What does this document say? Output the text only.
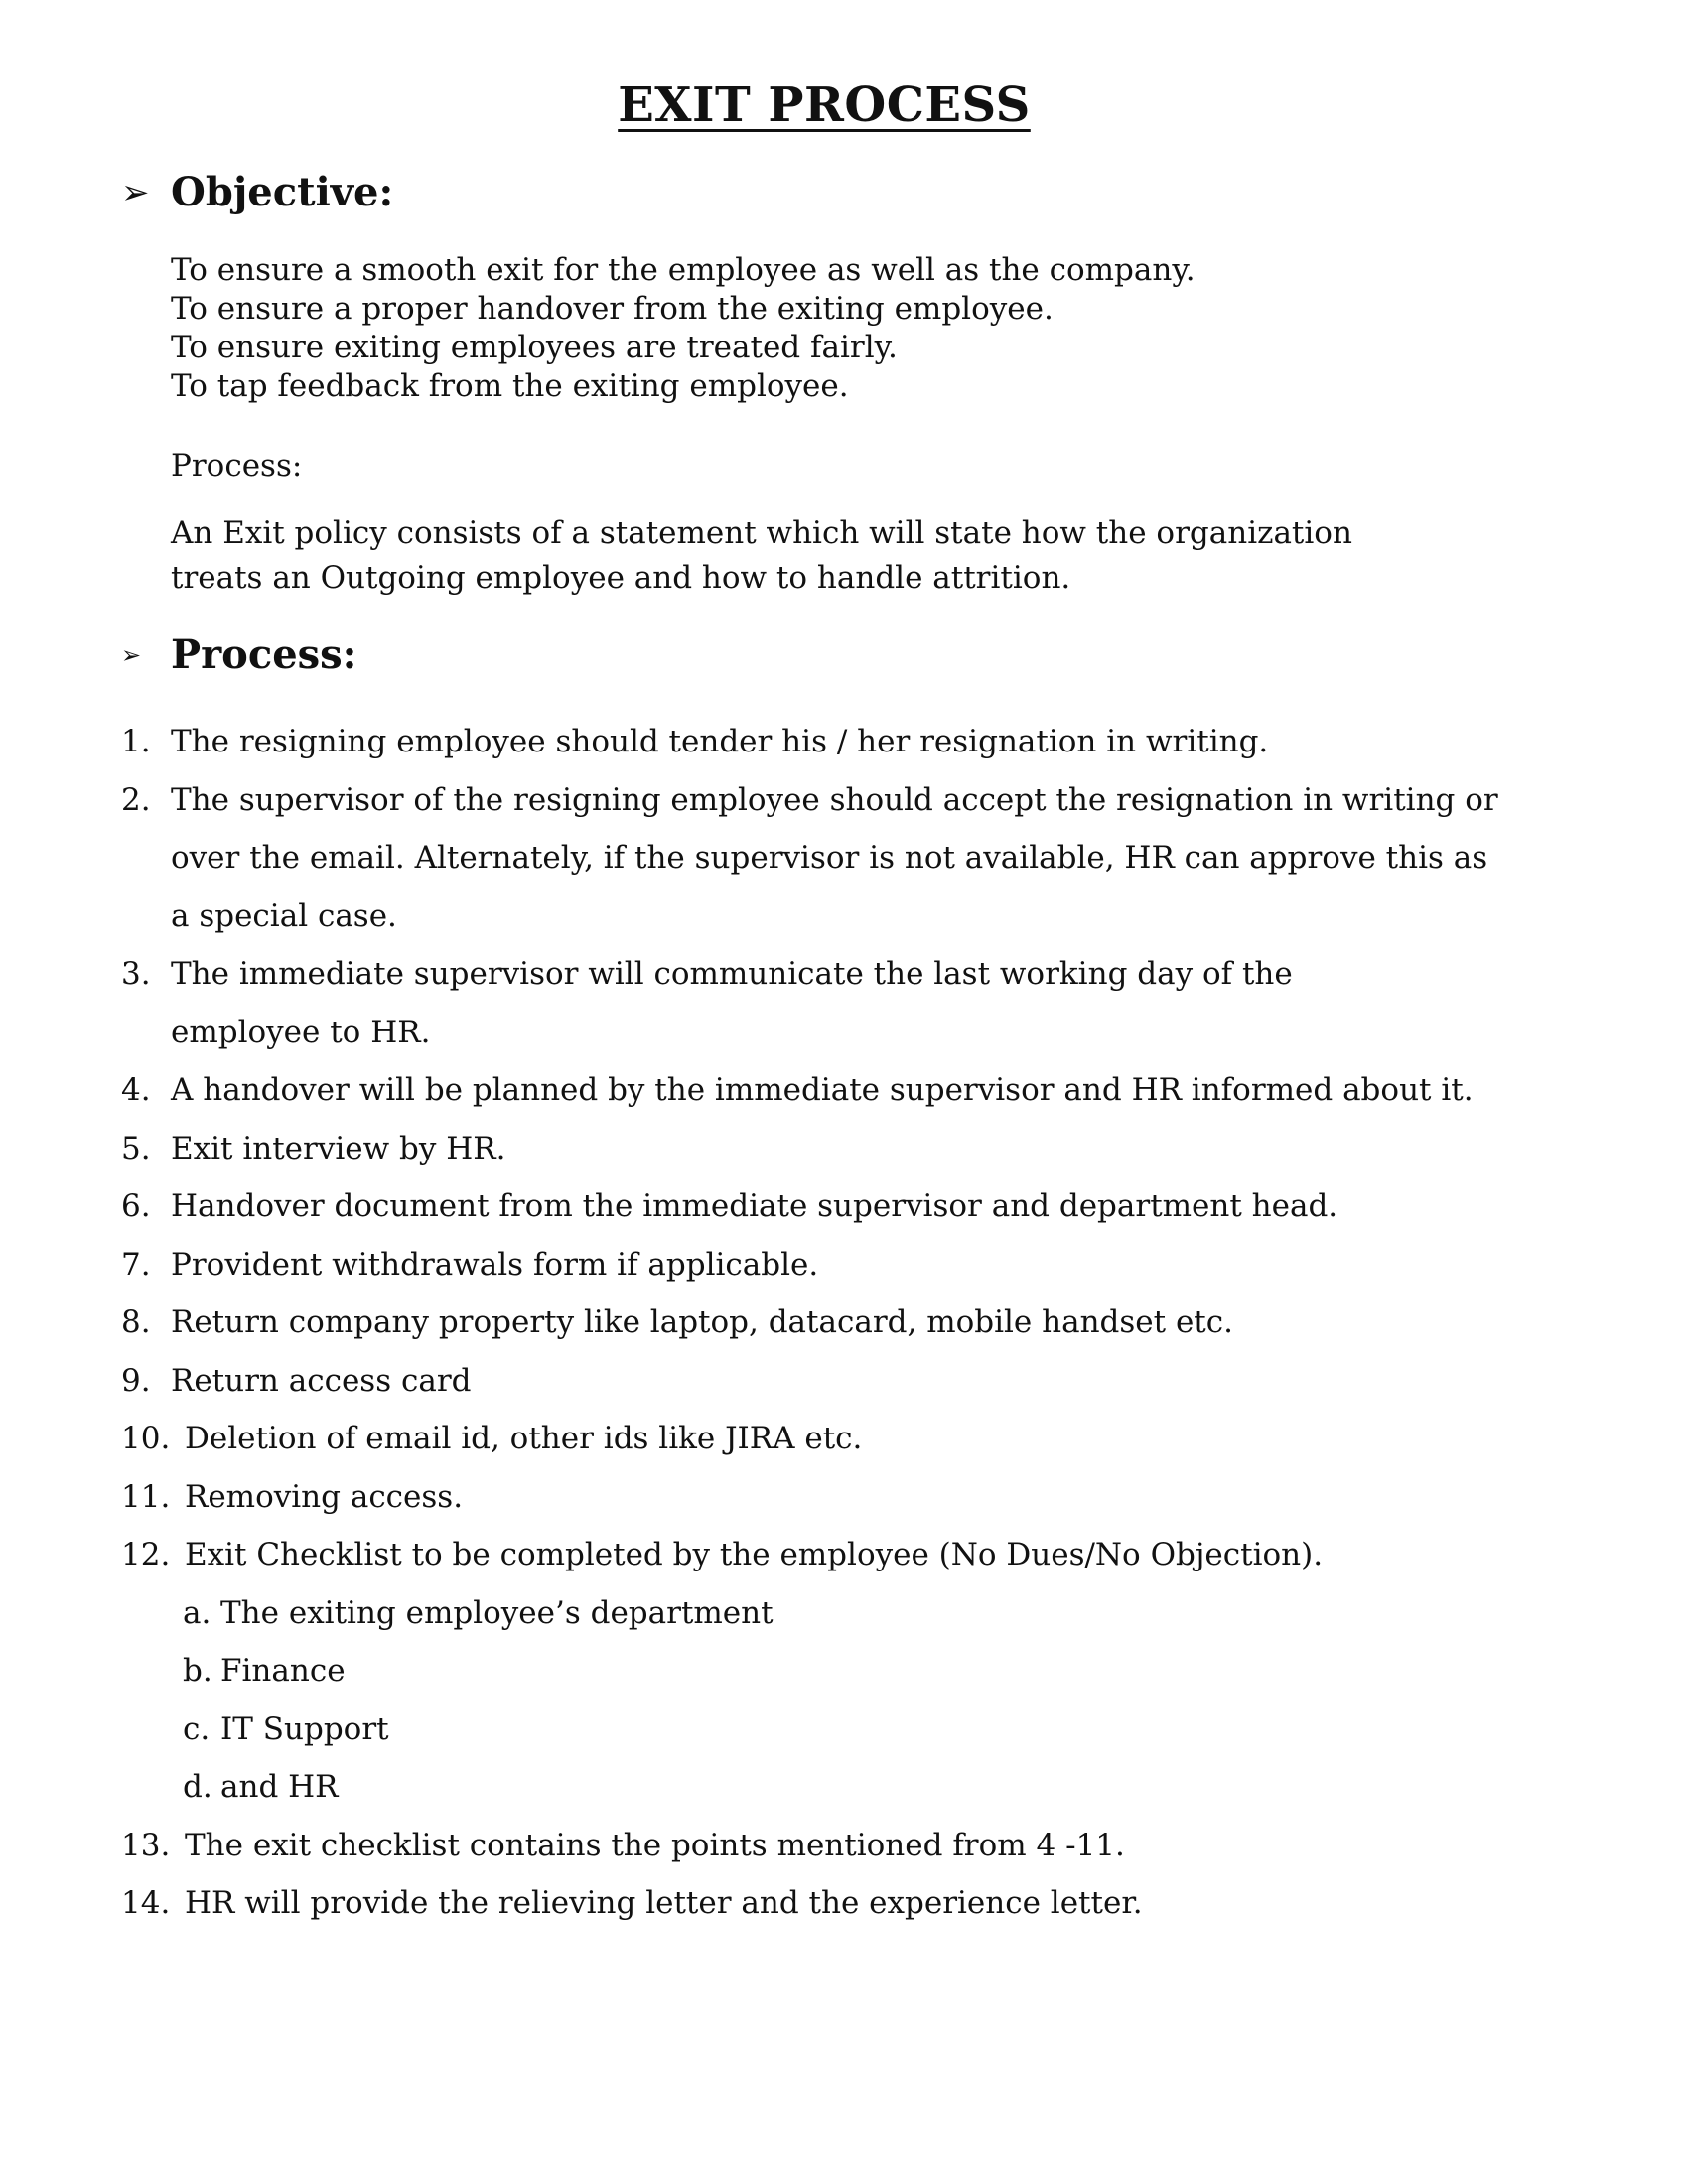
EXIT PROCESS
➢ Objective:
To ensure a smooth exit for the employee as well as the company.
To ensure a proper handover from the exiting employee.
To ensure exiting employees are treated fairly.
To tap feedback from the exiting employee.
Process:
An Exit policy consists of a statement which will state how the organization treats an Outgoing employee and how to handle attrition.
➢ Process:
1. The resigning employee should tender his / her resignation in writing.
2. The supervisor of the resigning employee should accept the resignation in writing or over the email. Alternately, if the supervisor is not available, HR can approve this as a special case.
3. The immediate supervisor will communicate the last working day of the employee to HR.
4. A handover will be planned by the immediate supervisor and HR informed about it.
5. Exit interview by HR.
6. Handover document from the immediate supervisor and department head.
7. Provident withdrawals form if applicable.
8. Return company property like laptop, datacard, mobile handset etc.
9. Return access card
10. Deletion of email id, other ids like JIRA etc.
11. Removing access.
12. Exit Checklist to be completed by the employee (No Dues/No Objection).
a. The exiting employee’s department
b. Finance
c. IT Support
d. and HR
13. The exit checklist contains the points mentioned from 4 -11.
14. HR will provide the relieving letter and the experience letter.
